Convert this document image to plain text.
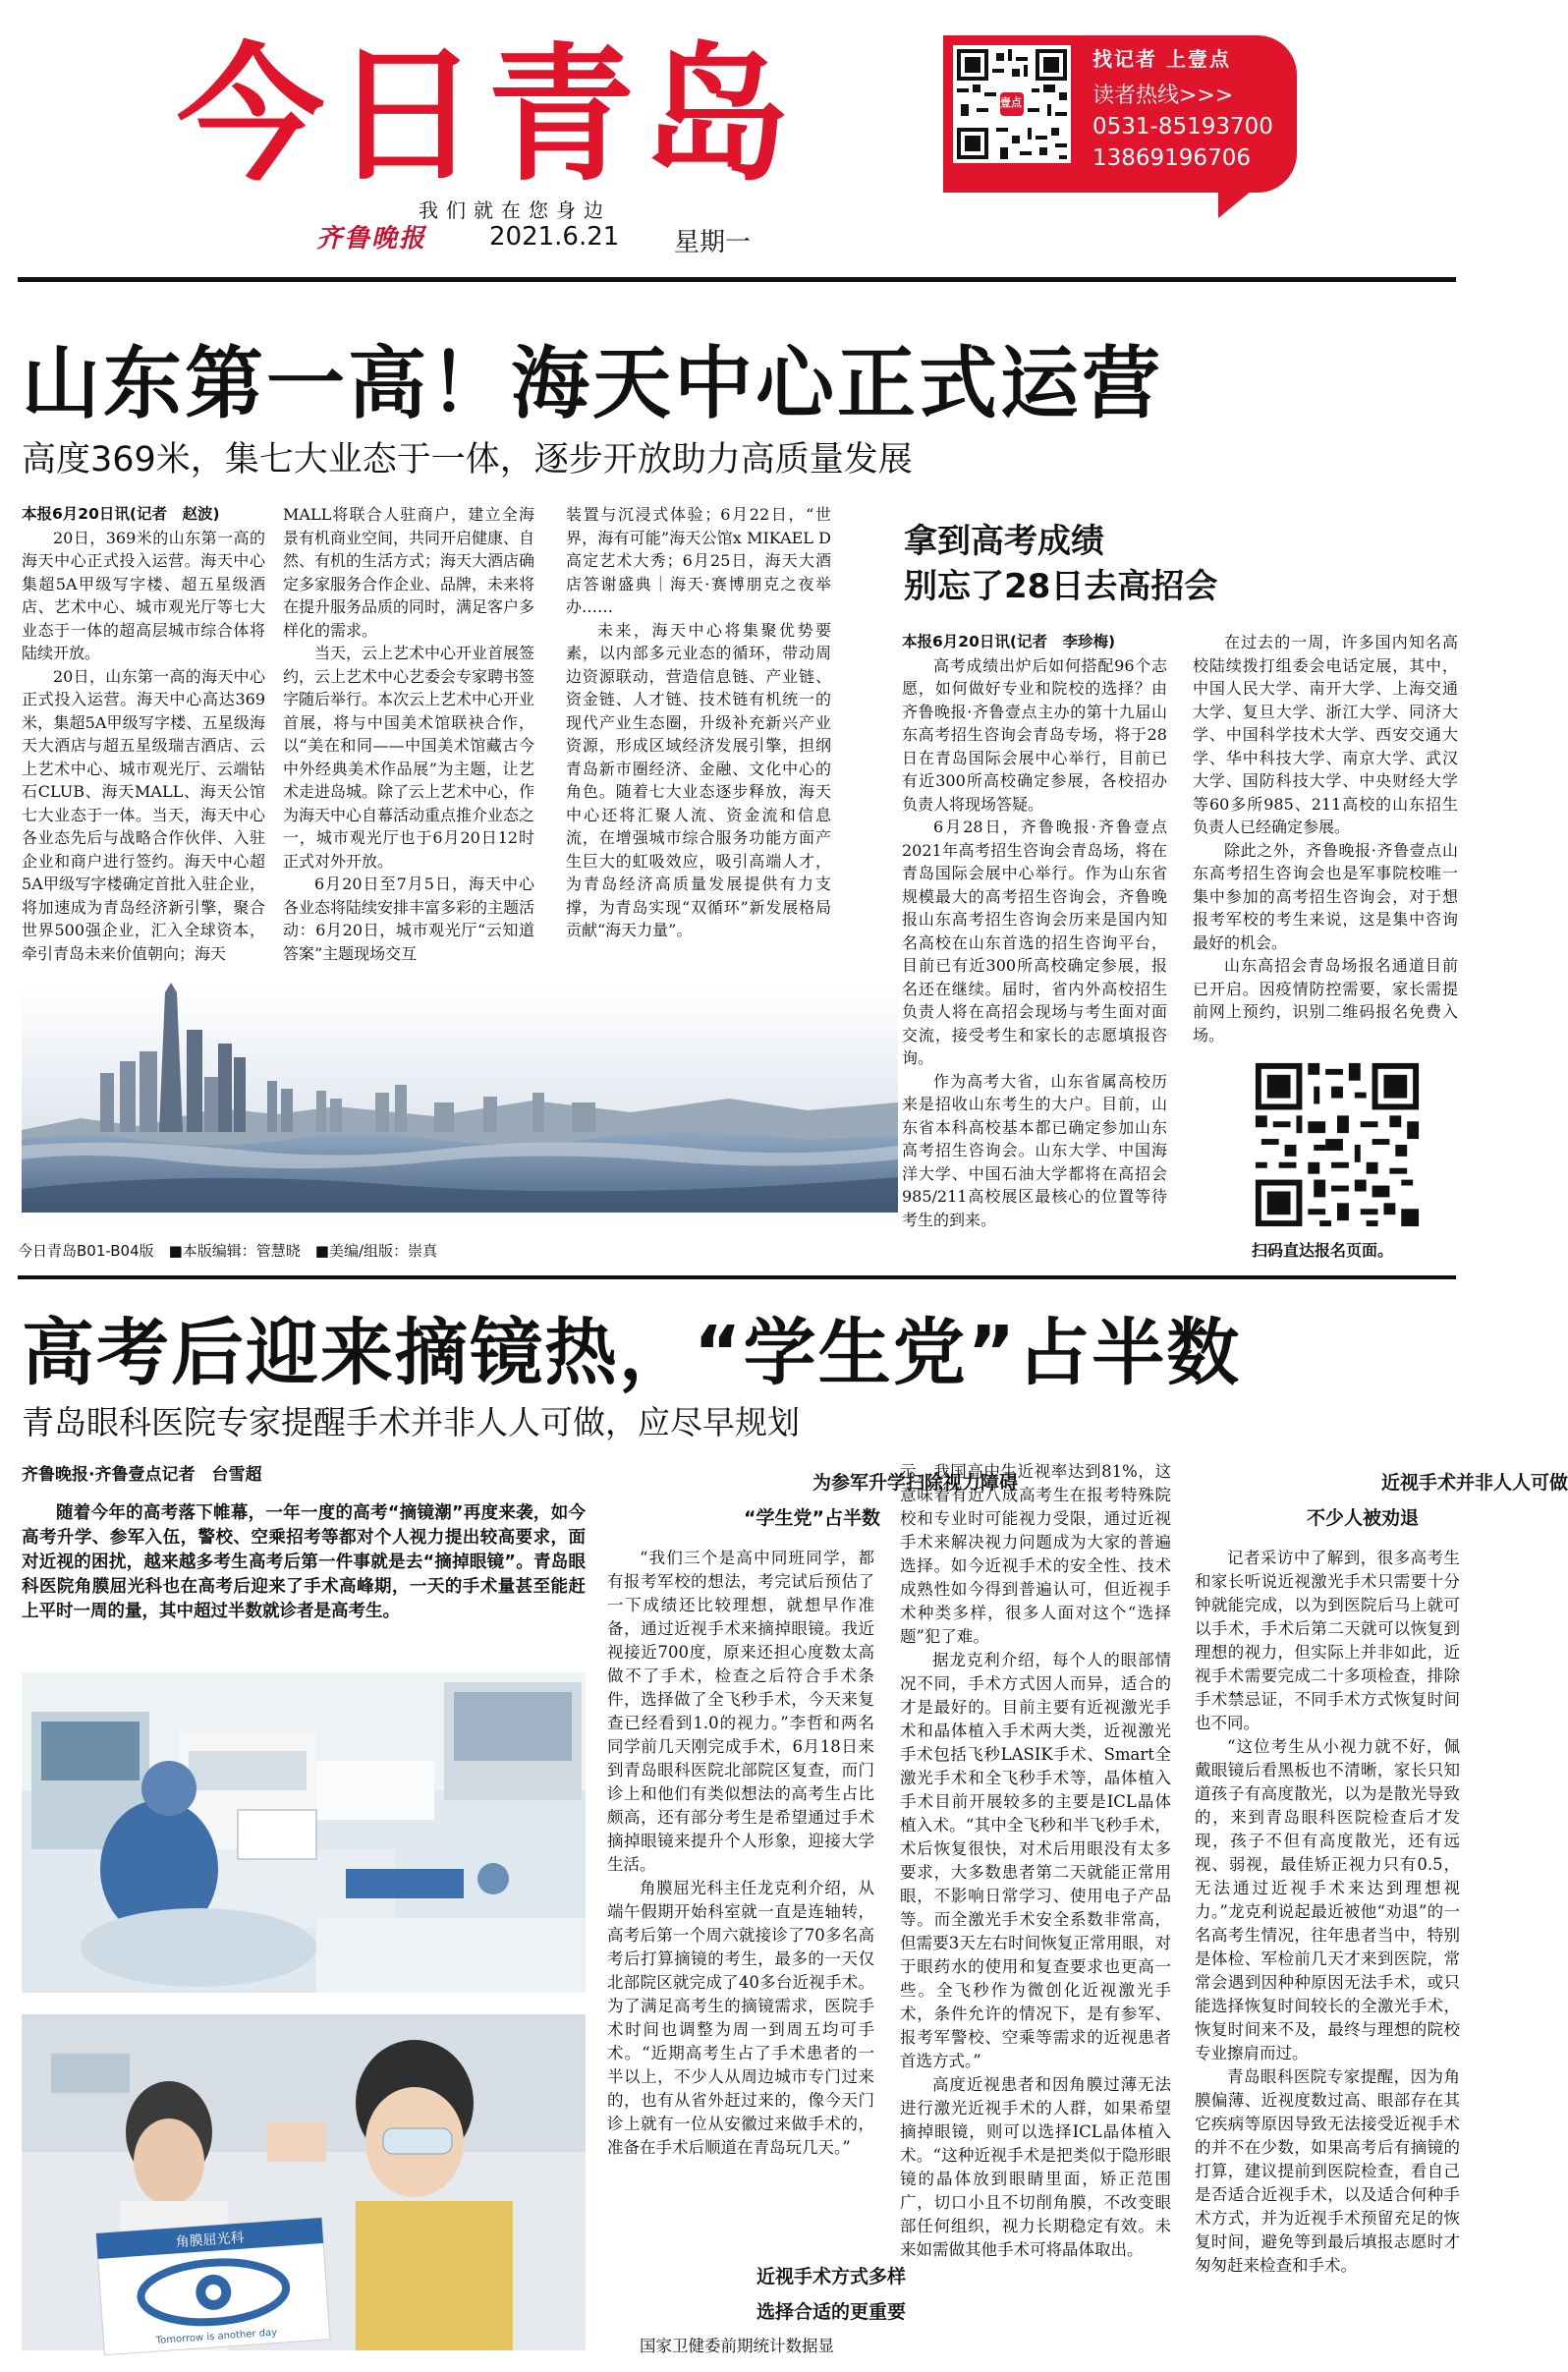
今日青岛
我们就在您身边
齐鲁晚报 2021.6.21 星期一
壹点
找记者 上壹点
读者热线>>>
0531-85193700
13869196706
山东第一高！海天中心正式运营
高度369米，集七大业态于一体，逐步开放助力高质量发展

本报6月20日讯(记者　赵波)

20日，369米的山东第一高的海天中心正式投入运营。海天中心集超5A甲级写字楼、超五星级酒店、艺术中心、城市观光厅等七大业态于一体的超高层城市综合体将陆续开放。

20日，山东第一高的海天中心正式投入运营。海天中心高达369米，集超5A甲级写字楼、五星级海天大酒店与超五星级瑞吉酒店、云上艺术中心、城市观光厅、云端钻石CLUB、海天MALL、海天公馆七大业态于一体。当天，海天中心各业态先后与战略合作伙伴、入驻企业和商户进行签约。海天中心超5A甲级写字楼确定首批入驻企业，将加速成为青岛经济新引擎，聚合世界500强企业，汇入全球资本，牵引青岛未来价值朝向；海天

MALL将联合人驻商户，建立全海景有机商业空间，共同开启健康、自然、有机的生活方式；海天大酒店确定多家服务合作企业、品牌，未来将在提升服务品质的同时，满足客户多样化的需求。

当天，云上艺术中心开业首展签约，云上艺术中心艺委会专家聘书签字随后举行。本次云上艺术中心开业首展，将与中国美术馆联袂合作，以“美在和同——中国美术馆藏古今中外经典美术作品展”为主题，让艺术走进岛城。除了云上艺术中心，作为海天中心自幕活动重点推介业态之一，城市观光厅也于6月20日12时正式对外开放。

6月20日至7月5日，海天中心各业态将陆续安排丰富多彩的主题活动：6月20日，城市观光厅“云知道答案”主题现场交互

装置与沉浸式体验；6月22日，“世界，海有可能”海天公馆x MIKAEL D高定艺术大秀；6月25日，海天大酒店答谢盛典｜海天·赛博朋克之夜举办……

未来，海天中心将集聚优势要素，以内部多元业态的循环，带动周边资源联动，营造信息链、产业链、资金链、人才链、技术链有机统一的现代产业生态圈，升级补充新兴产业资源，形成区域经济发展引擎，担纲青岛新市圈经济、金融、文化中心的角色。随着七大业态逐步释放，海天中心还将汇聚人流、资金流和信息流，在增强城市综合服务功能方面产生巨大的虹吸效应，吸引高端人才，为青岛经济高质量发展提供有力支撑，为青岛实现“双循环”新发展格局贡献“海天力量”。

今日青岛B01-B04版　■本版编辑：管慧晓　■美编/组版：崇真
拿到高考成绩
别忘了28日去高招会

本报6月20日讯(记者　李珍梅)

高考成绩出炉后如何搭配96个志愿，如何做好专业和院校的选择？由齐鲁晚报·齐鲁壹点主办的第十九届山东高考招生咨询会青岛专场，将于28日在青岛国际会展中心举行，目前已有近300所高校确定参展，各校招办负责人将现场答疑。

6月28日，齐鲁晚报·齐鲁壹点2021年高考招生咨询会青岛场，将在青岛国际会展中心举行。作为山东省规模最大的高考招生咨询会，齐鲁晚报山东高考招生咨询会历来是国内知名高校在山东首选的招生咨询平台，目前已有近300所高校确定参展，报名还在继续。届时，省内外高校招生负责人将在高招会现场与考生面对面交流，接受考生和家长的志愿填报咨询。

作为高考大省，山东省属高校历来是招收山东考生的大户。目前，山东省本科高校基本都已确定参加山东高考招生咨询会。山东大学、中国海洋大学、中国石油大学都将在高招会985/211高校展区最核心的位置等待考生的到来。

在过去的一周，许多国内知名高校陆续拨打组委会电话定展，其中，中国人民大学、南开大学、上海交通大学、复旦大学、浙江大学、同济大学、中国科学技术大学、西安交通大学、华中科技大学、南京大学、武汉大学、国防科技大学、中央财经大学等60多所985、211高校的山东招生负责人已经确定参展。

除此之外，齐鲁晚报·齐鲁壹点山东高考招生咨询会也是军事院校唯一集中参加的高考招生咨询会，对于想报考军校的考生来说，这是集中咨询最好的机会。

山东高招会青岛场报名通道目前已开启。因疫情防控需要，家长需提前网上预约，识别二维码报名免费入场。

扫码直达报名页面。
高考后迎来摘镜热，“学生党”占半数
青岛眼科医院专家提醒手术并非人人可做，应尽早规划
齐鲁晚报·齐鲁壹点记者　台雪超
随着今年的高考落下帷幕，一年一度的高考“摘镜潮”再度来袭，如今高考升学、参军入伍，警校、空乘招考等都对个人视力提出较高要求，面对近视的困扰，越来越多考生高考后第一件事就是去“摘掉眼镜”。青岛眼科医院角膜屈光科也在高考后迎来了手术高峰期，一天的手术量甚至能赶上平时一周的量，其中超过半数就诊者是高考生。
角膜屈光科
Tomorrow is another day
为参军升学扫除视力障碍
“学生党”占半数

“我们三个是高中同班同学，都有报考军校的想法，考完试后预估了一下成绩还比较理想，就想早作准备，通过近视手术来摘掉眼镜。我近视接近700度，原来还担心度数太高做不了手术，检查之后符合手术条件，选择做了全飞秒手术，今天来复查已经看到1.0的视力。”李哲和两名同学前几天刚完成手术，6月18日来到青岛眼科医院北部院区复查，而门诊上和他们有类似想法的高考生占比颇高，还有部分考生是希望通过手术摘掉眼镜来提升个人形象，迎接大学生活。

角膜屈光科主任龙克利介绍，从端午假期开始科室就一直是连轴转，高考后第一个周六就接诊了70多名高考后打算摘镜的考生，最多的一天仅北部院区就完成了40多台近视手术。为了满足高考生的摘镜需求，医院手术时间也调整为周一到周五均可手术。“近期高考生占了手术患者的一半以上，不少人从周边城市专门过来的，也有从省外赶过来的，像今天门诊上就有一位从安徽过来做手术的，准备在手术后顺道在青岛玩几天。”

近视手术方式多样
选择合适的更重要

国家卫健委前期统计数据显

示，我国高中生近视率达到81%，这意味着有近八成高考生在报考特殊院校和专业时可能视力受限，通过近视手术来解决视力问题成为大家的普遍选择。如今近视手术的安全性、技术成熟性如今得到普遍认可，但近视手术种类多样，很多人面对这个“选择题”犯了难。

据龙克利介绍，每个人的眼部情况不同，手术方式因人而异，适合的才是最好的。目前主要有近视激光手术和晶体植入手术两大类，近视激光手术包括飞秒LASIK手术、Smart全激光手术和全飞秒手术等，晶体植入手术目前开展较多的主要是ICL晶体植入术。“其中全飞秒和半飞秒手术，术后恢复很快，对术后用眼没有太多要求，大多数患者第二天就能正常用眼，不影响日常学习、使用电子产品等。而全激光手术安全系数非常高，但需要3天左右时间恢复正常用眼，对于眼药水的使用和复查要求也更高一些。全飞秒作为微创化近视激光手术，条件允许的情况下，是有参军、报考军警校、空乘等需求的近视患者首选方式。”

高度近视患者和因角膜过薄无法进行激光近视手术的人群，如果希望摘掉眼镜，则可以选择ICL晶体植入术。“这种近视手术是把类似于隐形眼镜的晶体放到眼睛里面，矫正范围广，切口小且不切削角膜，不改变眼部任何组织，视力长期稳定有效。未来如需做其他手术可将晶体取出。

近视手术并非人人可做
不少人被劝退

记者采访中了解到，很多高考生和家长听说近视激光手术只需要十分钟就能完成，以为到医院后马上就可以手术，手术后第二天就可以恢复到理想的视力，但实际上并非如此，近视手术需要完成二十多项检查，排除手术禁忌证，不同手术方式恢复时间也不同。

“这位考生从小视力就不好，佩戴眼镜后看黑板也不清晰，家长只知道孩子有高度散光，以为是散光导致的，来到青岛眼科医院检查后才发现，孩子不但有高度散光，还有远视、弱视，最佳矫正视力只有0.5，无法通过近视手术来达到理想视力。”龙克利说起最近被他“劝退”的一名高考生情况，往年患者当中，特别是体检、军检前几天才来到医院，常常会遇到因种种原因无法手术，或只能选择恢复时间较长的全激光手术，恢复时间来不及，最终与理想的院校专业擦肩而过。

青岛眼科医院专家提醒，因为角膜偏薄、近视度数过高、眼部存在其它疾病等原因导致无法接受近视手术的并不在少数，如果高考后有摘镜的打算，建议提前到医院检查，看自己是否适合近视手术，以及适合何种手术方式，并为近视手术预留充足的恢复时间，避免等到最后填报志愿时才匆匆赶来检查和手术。
